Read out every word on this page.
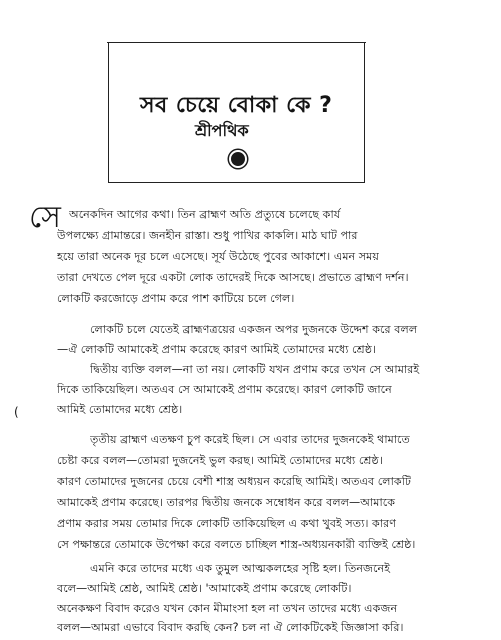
সব চেয়ে বোকা কে ?
শ্রীপথিক
সে
(
অনেকদিন আগের কথা। তিন ব্রাহ্মণ অতি প্রত্যুষে চলেছে কার্য
উপলক্ষ্যে গ্রামান্তরে। জনহীন রাস্তা। শুধু পাখির কাকলি। মাঠ ঘাট পার
হয়ে তারা অনেক দূর চলে এসেছে। সূর্য উঠেছে পুবের আকাশে। এমন সময়
তারা দেখতে পেল দূরে একটা লোক তাদেরই দিকে আসছে। প্রভাতে ব্রাহ্মণ দর্শন।
লোকটি করজোড়ে প্রণাম করে পাশ কাটিয়ে চলে গেল।
লোকটি চলে যেতেই ব্রাহ্মণত্রয়ের একজন অপর দুজনকে উদ্দেশ করে বলল
—ঐ লোকটি আমাকেই প্রণাম করেছে কারণ আমিই তোমাদের মধ্যে শ্রেষ্ঠ।
দ্বিতীয় ব্যক্তি বলল—না তা নয়। লোকটি যখন প্রণাম করে তখন সে আমারই
দিকে তাকিয়েছিল। অতএব সে আমাকেই প্রণাম করেছে। কারণ লোকটি জানে
আমিই তোমাদের মধ্যে শ্রেষ্ঠ।
তৃতীয় ব্রাহ্মণ এতক্ষণ চুপ করেই ছিল। সে এবার তাদের দুজনকেই থামাতে
চেষ্টা করে বলল—তোমরা দুজনেই ভুল করছ। আমিই তোমাদের মধ্যে শ্রেষ্ঠ।
কারণ তোমাদের দুজনের চেয়ে বেশী শাস্ত্র অধ্যয়ন করেছি আমিই। অতএব লোকটি
আমাকেই প্রণাম করেছে। তারপর দ্বিতীয় জনকে সম্বোধন করে বলল—আমাকে
প্রণাম করার সময় তোমার দিকে লোকটি তাকিয়েছিল এ কথা খুবই সত্য। কারণ
সে পক্ষান্তরে তোমাকে উপেক্ষা করে বলতে চাচ্ছিল শাস্ত্র-অধ্যয়নকারী ব্যক্তিই শ্রেষ্ঠ।
এমনি করে তাদের মধ্যে এক তুমুল আত্মকলহের সৃষ্টি হল। তিনজনেই
বলে—আমিই শ্রেষ্ঠ, আমিই শ্রেষ্ঠ। 'আমাকেই প্রণাম করেছে লোকটি।
অনেকক্ষণ বিবাদ করেও যখন কোন মীমাংসা হল না তখন তাদের মধ্যে একজন
বলল—আমরা এভাবে বিবাদ করছি কেন? চল না ঐ লোকটিকেই জিজ্ঞাসা করি।
